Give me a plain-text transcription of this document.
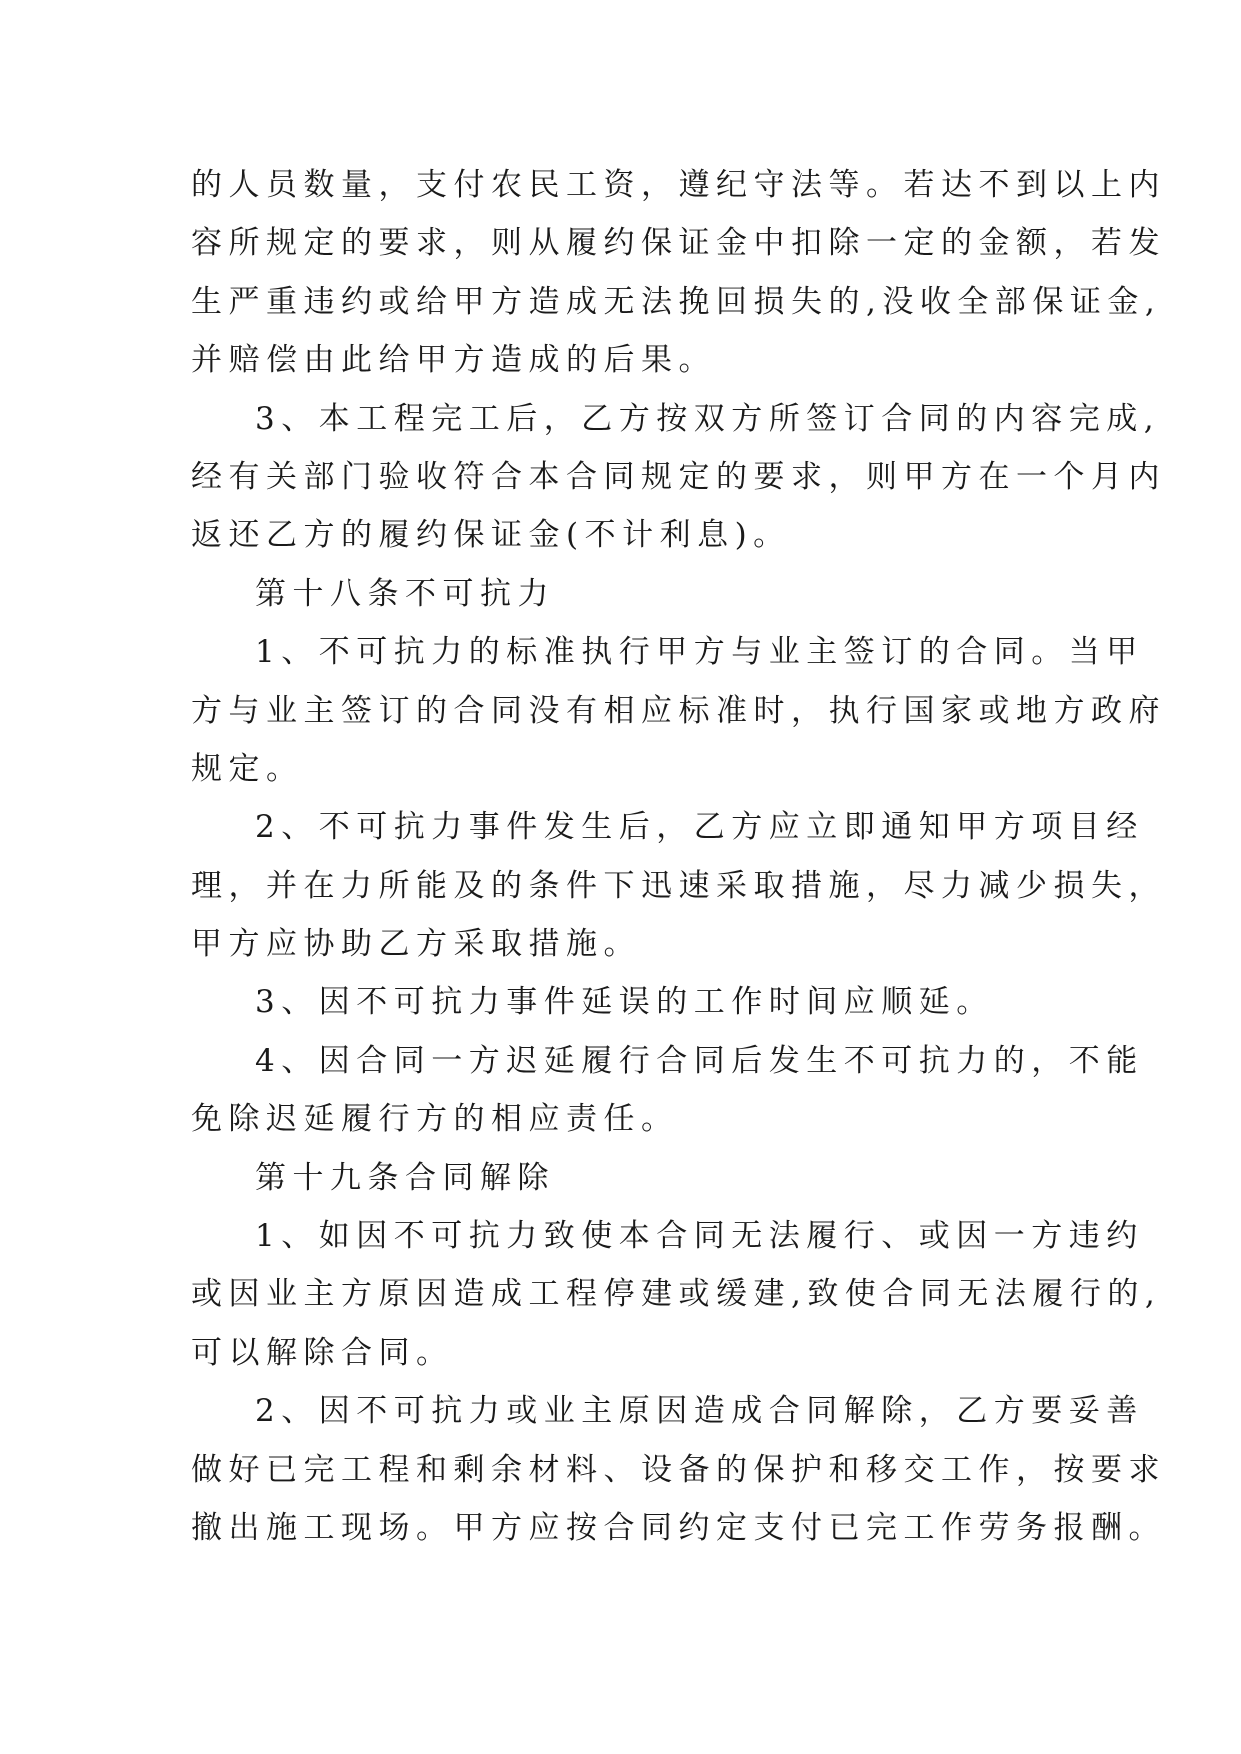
的人员数量，支付农民工资，遵纪守法等。若达不到以上内
容所规定的要求，则从履约保证金中扣除一定的金额，若发
生严重违约或给甲方造成无法挽回损失的,没收全部保证金,
并赔偿由此给甲方造成的后果。
3、本工程完工后，乙方按双方所签订合同的内容完成,
经有关部门验收符合本合同规定的要求，则甲方在一个月内
返还乙方的履约保证金(不计利息)。
第十八条不可抗力
1、不可抗力的标准执行甲方与业主签订的合同。当甲
方与业主签订的合同没有相应标准时，执行国家或地方政府
规定。
2、不可抗力事件发生后，乙方应立即通知甲方项目经
理，并在力所能及的条件下迅速采取措施，尽力减少损失，
甲方应协助乙方采取措施。
3、因不可抗力事件延误的工作时间应顺延。
4、因合同一方迟延履行合同后发生不可抗力的，不能
免除迟延履行方的相应责任。
第十九条合同解除
1、如因不可抗力致使本合同无法履行、或因一方违约
或因业主方原因造成工程停建或缓建,致使合同无法履行的,
可以解除合同。
2、因不可抗力或业主原因造成合同解除，乙方要妥善
做好已完工程和剩余材料、设备的保护和移交工作，按要求
撤出施工现场。甲方应按合同约定支付已完工作劳务报酬。
